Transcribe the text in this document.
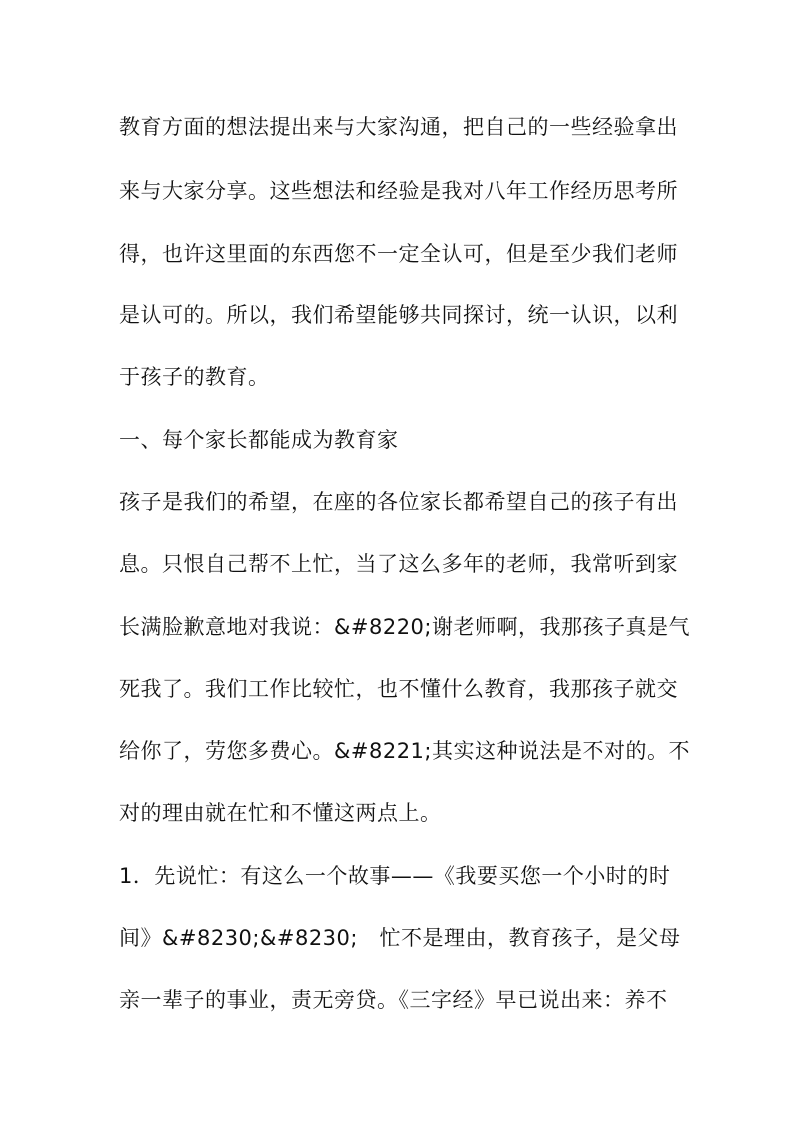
教育方面的想法提出来与大家沟通，把自己的一些经验拿出

来与大家分享。这些想法和经验是我对八年工作经历思考所

得，也许这里面的东西您不一定全认可，但是至少我们老师

是认可的。所以，我们希望能够共同探讨，统一认识，以利

于孩子的教育。

一、每个家长都能成为教育家

孩子是我们的希望，在座的各位家长都希望自己的孩子有出

息。只恨自己帮不上忙，当了这么多年的老师，我常听到家

长满脸歉意地对我说：&#8220;谢老师啊，我那孩子真是气

死我了。我们工作比较忙，也不懂什么教育，我那孩子就交

给你了，劳您多费心。&#8221;其实这种说法是不对的。不

对的理由就在忙和不懂这两点上。

1．先说忙：有这么一个故事——《我要买您一个小时的时

间》&#8230;&#8230;　忙不是理由，教育孩子，是父母

亲一辈子的事业，责无旁贷。《三字经》早已说出来：养不
